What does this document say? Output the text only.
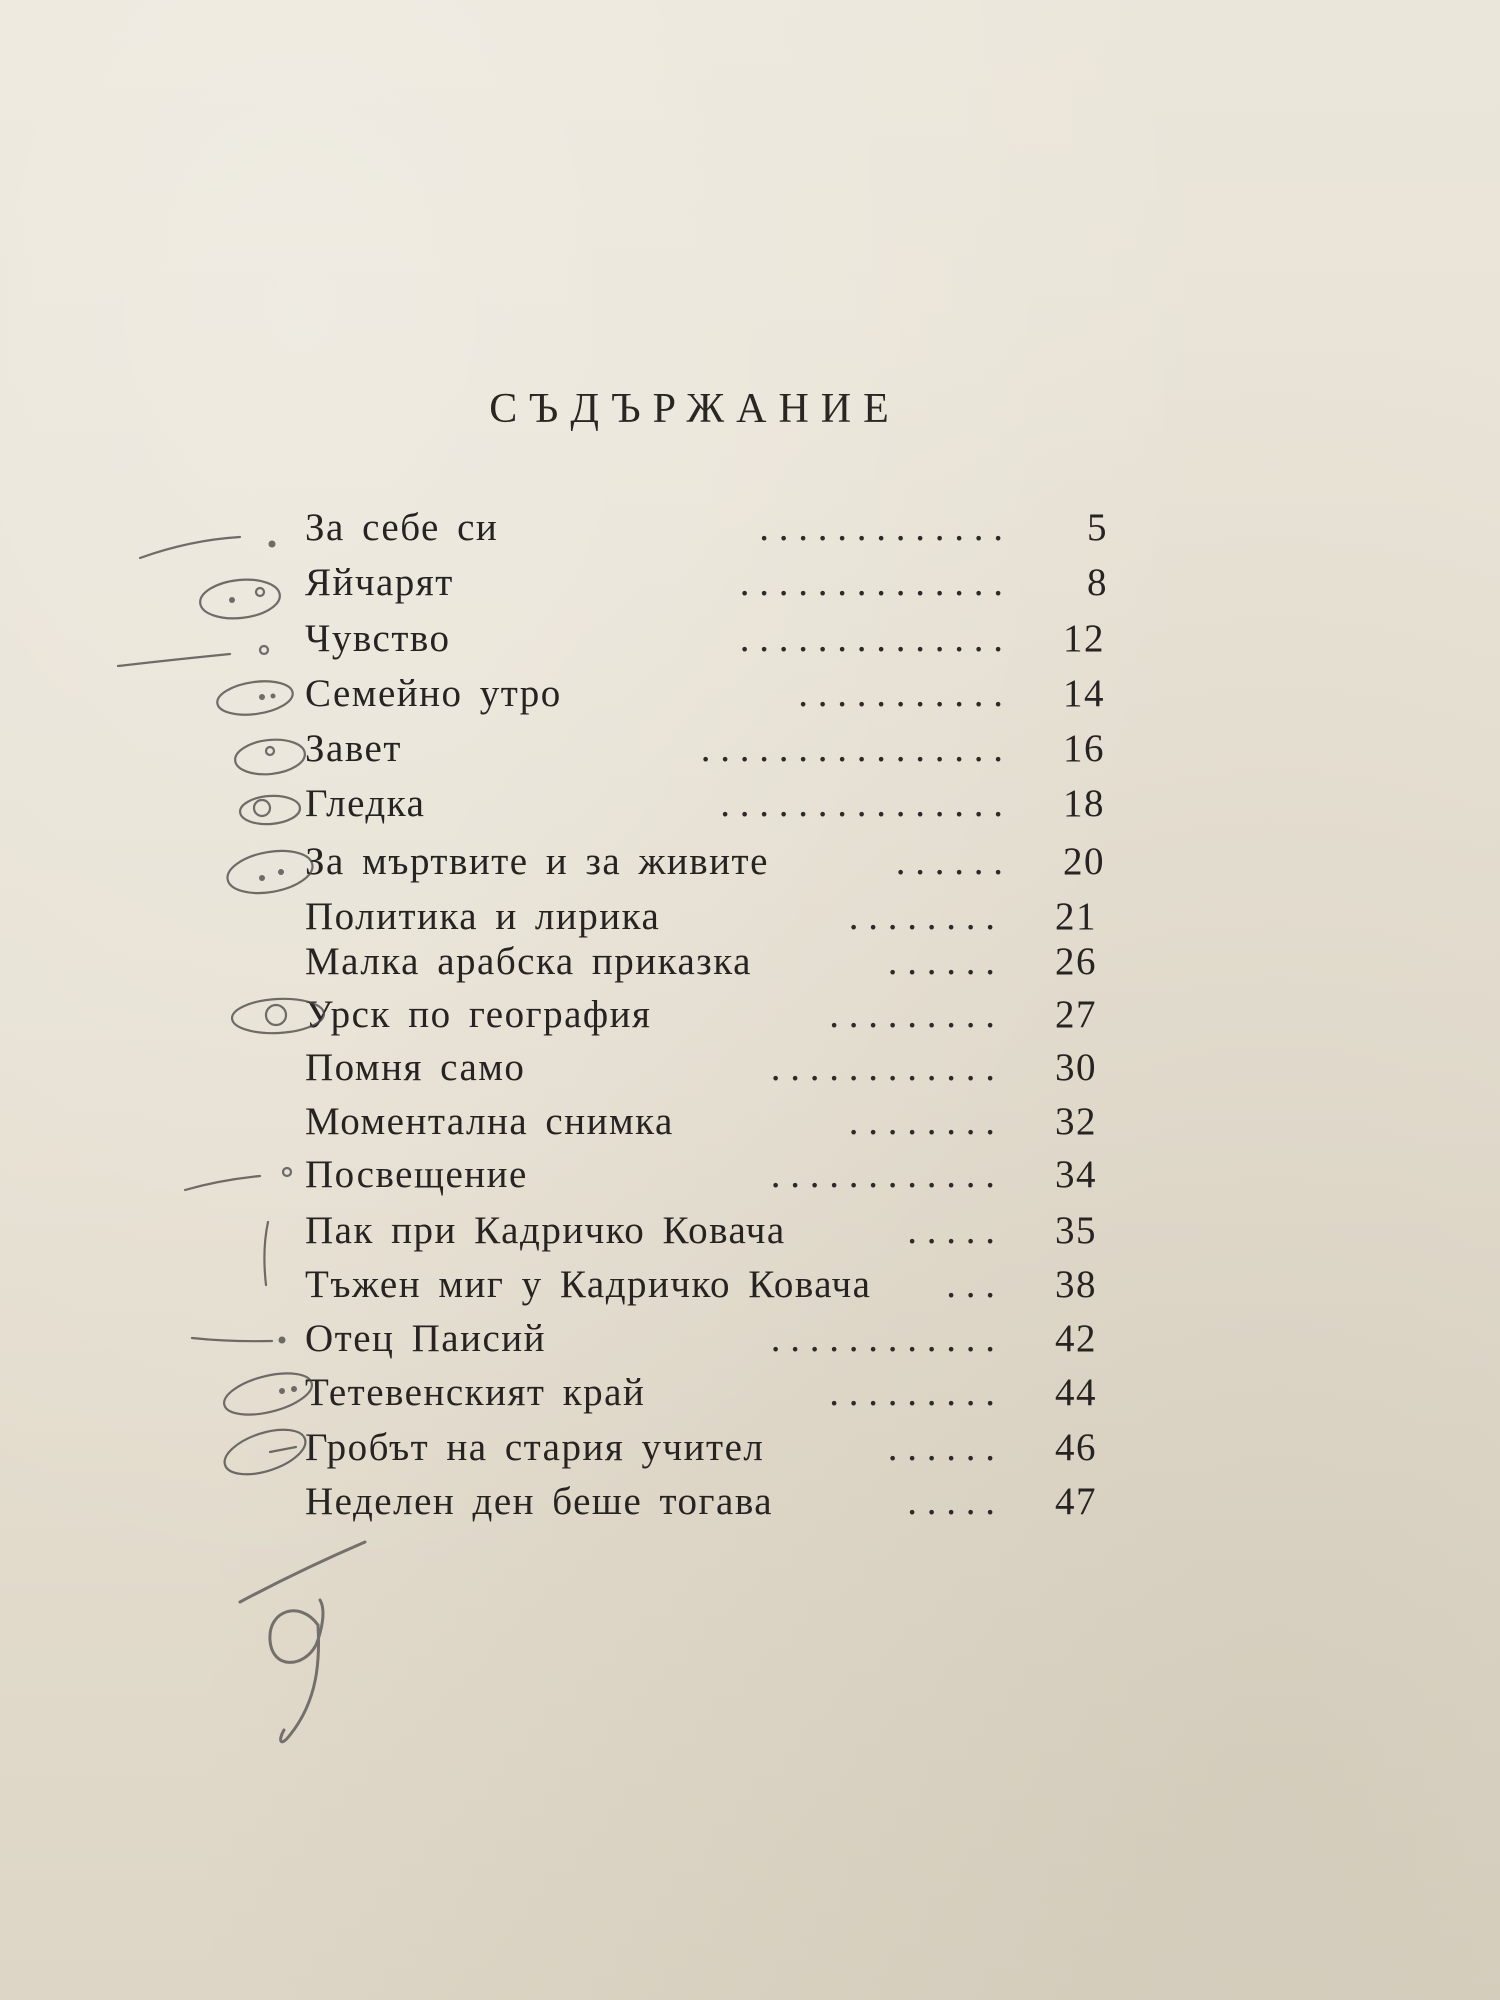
СЪДЪРЖАНИЕ
За себе си	. . . . . . . . . . . . .	5
Яйчарят	. . . . . . . . . . . . . .	8
Чувство	. . . . . . . . . . . . . .	12
Семейно утро	. . . . . . . . . . .	14
Завет	. . . . . . . . . . . . . . . .	16
Гледка	. . . . . . . . . . . . . . .	18
За мъртвите и за живите	. . . . . .	20
Политика и лирика	. . . . . . . .	21
Малка арабска приказка	. . . . . .	26
Урск по география	. . . . . . . . .	27
Помня само	. . . . . . . . . . . .	30
Моментална снимка	. . . . . . . .	32
Посвещение	. . . . . . . . . . . .	34
Пак при Кадричко Ковача	. . . . .	35
Тъжен миг у Кадричко Ковача	. . .	38
Отец Паисий	. . . . . . . . . . . .	42
Тетевенският край	. . . . . . . . .	44
Гробът на стария учител	. . . . . .	46
Неделен ден беше тогава	. . . . .	47
